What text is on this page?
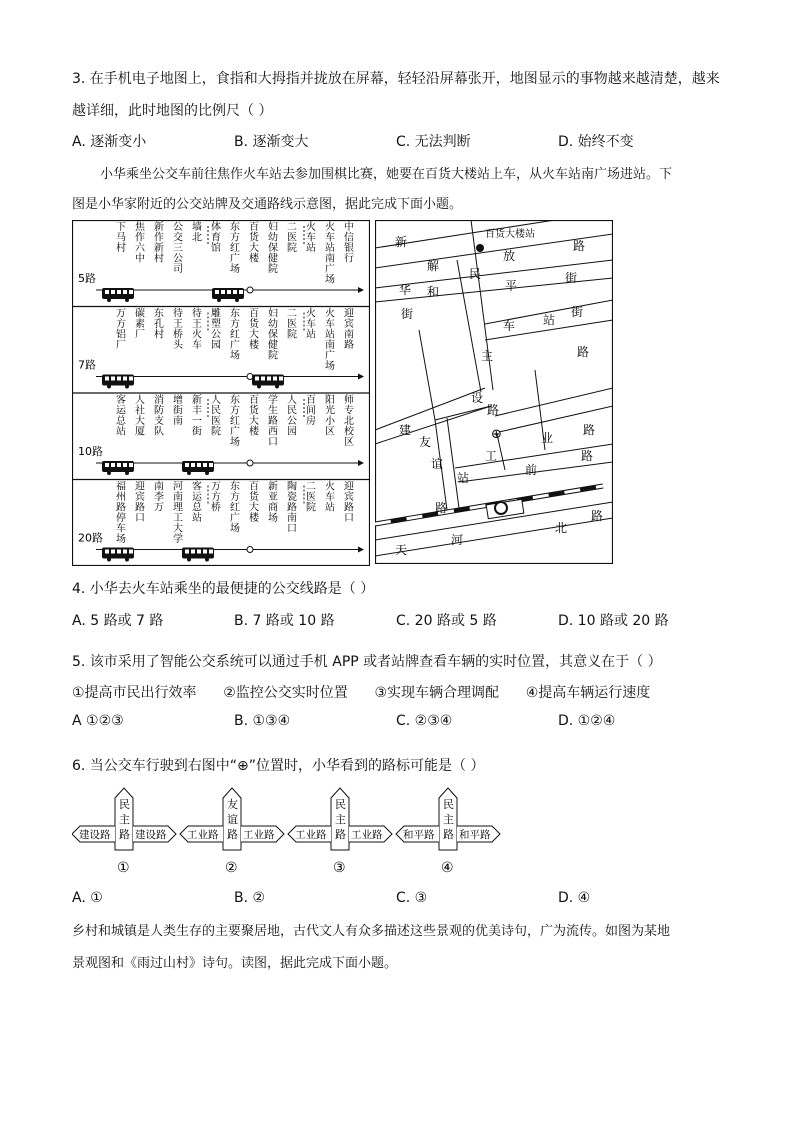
3. 在手机电子地图上，食指和大拇指并拢放在屏幕，轻轻沿屏幕张开，地图显示的事物越来越清楚，越来
越详细，此时地图的比例尺（ ）
A. 逐渐变小	B. 逐渐变大	C. 无法判断	D. 始终不变
小华乘坐公交车前往焦作火车站去参加围棋比赛，她要在百货大楼站上车，从火车站南广场进站。下
图是小华家附近的公交站牌及交通路线示意图，据此完成下面小题。
下马村
焦作六中
新作新村
公交三公司
墙北
体育馆
东方红广场
百货大楼
妇幼保健院
二医院
火车站
火车站南广场
中信银行
5路
万方铝厂
碳素厂
东孔村
待王桥头
待王火车
雕塑公园
东方红广场
百货大楼
妇幼保健院
二医院
火车站
火车站南广场
迎宾南路
7路
客运总站
人社大厦
消防支队
增街南
新丰一街
人民医院
东方红广场
百货大楼
学生路西口
人民公园
百间房
阳光小区
师专北校区
10路
福州路停车场
迎宾路口
南李万
河南理工大学
客运总站
万方桥
东方红广场
百货大楼
新亚商场
陶瓷路南口
二医院
火车站
迎宾路口
20路
百货大楼站
⊕
新
解
放
路
华 和
民
平
街
街
车 站
街
主	路
设
路
建
友
工
业
路
谊
站
前
路
路
北
路
天
河
4. 小华去火车站乘坐的最便捷的公交线路是（ ）
A. 5 路或 7 路	B. 7 路或 10 路	C. 20 路或 5 路	D. 10 路或 20 路
5. 该市采用了智能公交系统可以通过手机 APP 或者站牌查看车辆的实时位置，其意义在于（ ）
①提高市民出行效率      ②监控公交实时位置      ③实现车辆合理调配      ④提高车辆运行速度
A ①②③	B. ①③④	C. ②③④	D. ①②④
6. 当公交车行驶到右图中“⊕”位置时，小华看到的路标可能是（ ）
民主路
建设路 建设路
①
友谊路
工业路 工业路
②
民主路
工业路 工业路
③
民主路
和平路 和平路
④
A. ①	B. ②	C. ③	D. ④
乡村和城镇是人类生存的主要聚居地，古代文人有众多描述这些景观的优美诗句，广为流传。如图为某地
景观图和《雨过山村》诗句。读图，据此完成下面小题。
